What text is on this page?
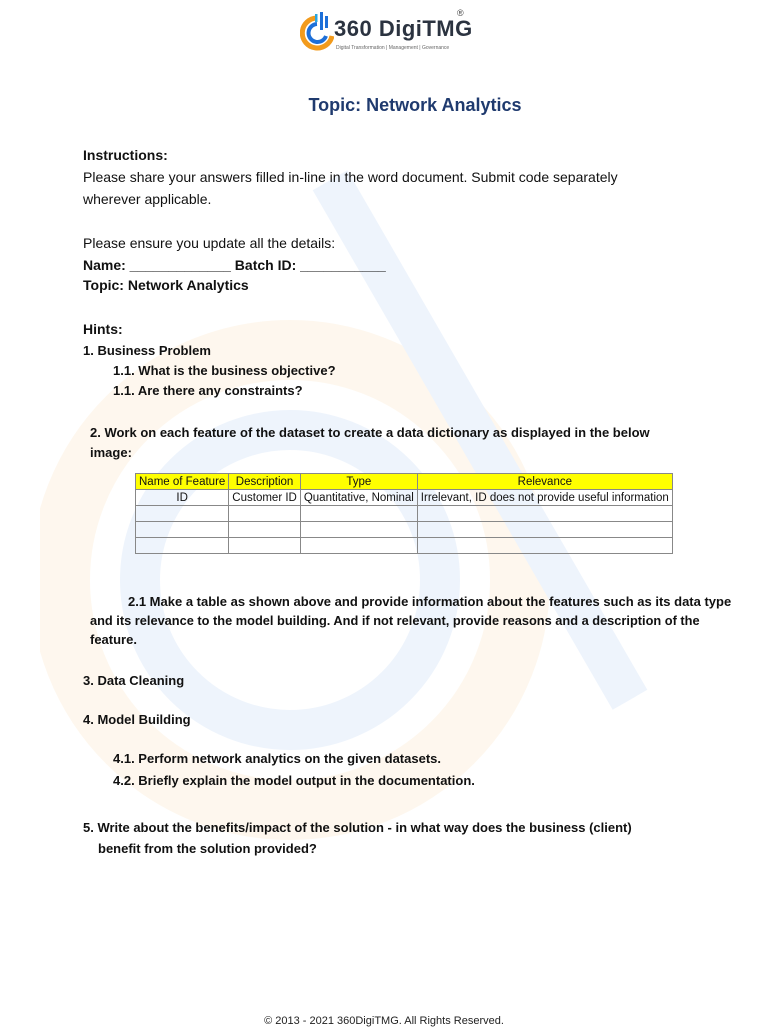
360 DigiTMG
®
Digital Transformation | Management | Governance
Topic: Network Analytics
Instructions:
Please share your answers filled in-line in the word document. Submit code separately
wherever applicable.
Please ensure you update all the details:
Name: _____________ Batch ID: ___________
Topic: Network Analytics
Hints:
1. Business Problem
1.1. What is the business objective?
1.1. Are there any constraints?
2. Work on each feature of the dataset to create a data dictionary as displayed in the below
image:
Name of Feature	Description	Type	Relevance
ID	Customer ID	Quantitative, Nominal	Irrelevant, ID does not provide useful information

2.1 Make a table as shown above and provide information about the features such as its data type
and its relevance to the model building. And if not relevant, provide reasons and a description of the
feature.
3. Data Cleaning
4. Model Building
4.1. Perform network analytics on the given datasets.
4.2. Briefly explain the model output in the documentation.
5. Write about the benefits/impact of the solution - in what way does the business (client)
benefit from the solution provided?
© 2013 - 2021 360DigiTMG. All Rights Reserved.
